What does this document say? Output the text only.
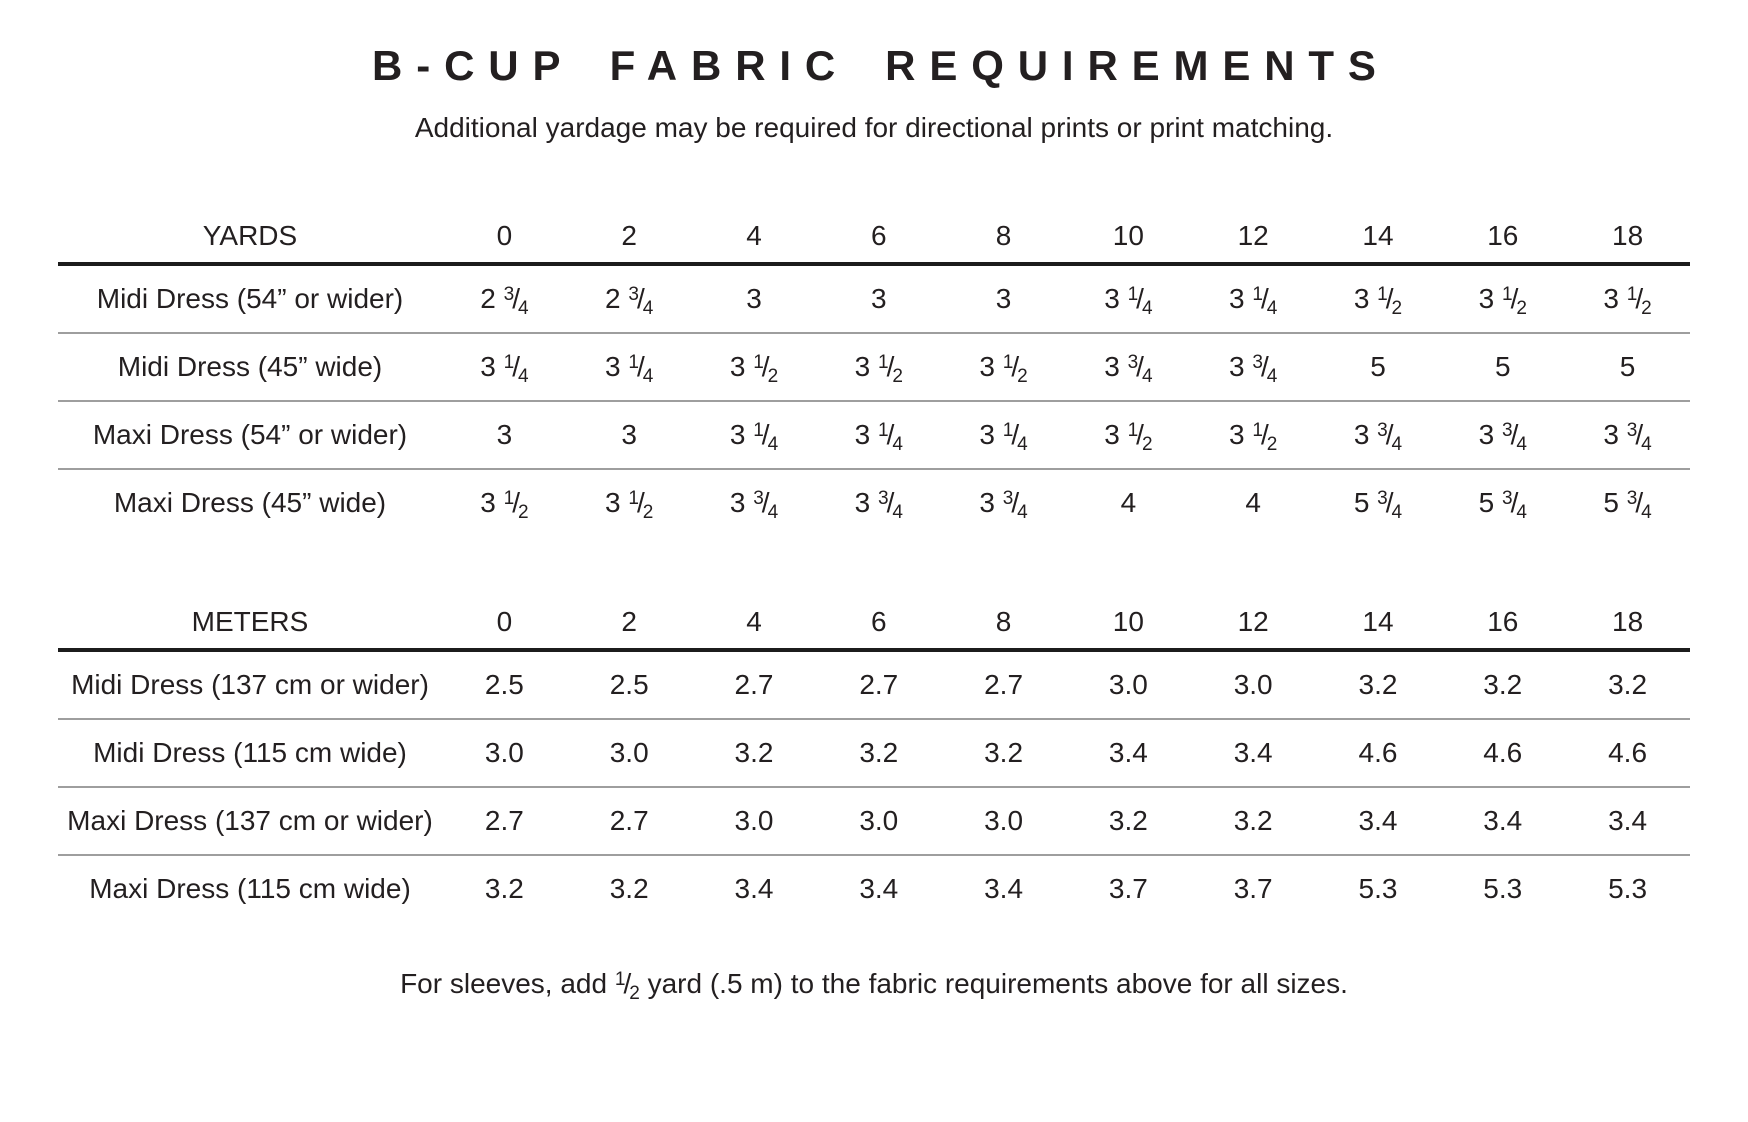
B-CUP FABRIC REQUIREMENTS

Additional yardage may be required for directional prints or print matching.

YARDS	0	2	4	6	8	10	12	14	16	18
Midi Dress (54” or wider)	2 $^3/_4$	2 $^3/_4$	3	3	3	3 $^1/_4$	3 $^1/_4$	3 $^1/_2$	3 $^1/_2$	3 $^1/_2$
Midi Dress (45” wide)	3 $^1/_4$	3 $^1/_4$	3 $^1/_2$	3 $^1/_2$	3 $^1/_2$	3 $^3/_4$	3 $^3/_4$	5	5	5
Maxi Dress (54” or wider)	3	3	3 $^1/_4$	3 $^1/_4$	3 $^1/_4$	3 $^1/_2$	3 $^1/_2$	3 $^3/_4$	3 $^3/_4$	3 $^3/_4$
Maxi Dress (45” wide)	3 $^1/_2$	3 $^1/_2$	3 $^3/_4$	3 $^3/_4$	3 $^3/_4$	4	4	5 $^3/_4$	5 $^3/_4$	5 $^3/_4$
METERS	0	2	4	6	8	10	12	14	16	18
Midi Dress (137 cm or wider)	2.5	2.5	2.7	2.7	2.7	3.0	3.0	3.2	3.2	3.2
Midi Dress (115 cm wide)	3.0	3.0	3.2	3.2	3.2	3.4	3.4	4.6	4.6	4.6
Maxi Dress (137 cm or wider)	2.7	2.7	3.0	3.0	3.0	3.2	3.2	3.4	3.4	3.4
Maxi Dress (115 cm wide)	3.2	3.2	3.4	3.4	3.4	3.7	3.7	5.3	5.3	5.3

For sleeves, add $^1/_2$ yard (.5 m) to the fabric requirements above for all sizes.
